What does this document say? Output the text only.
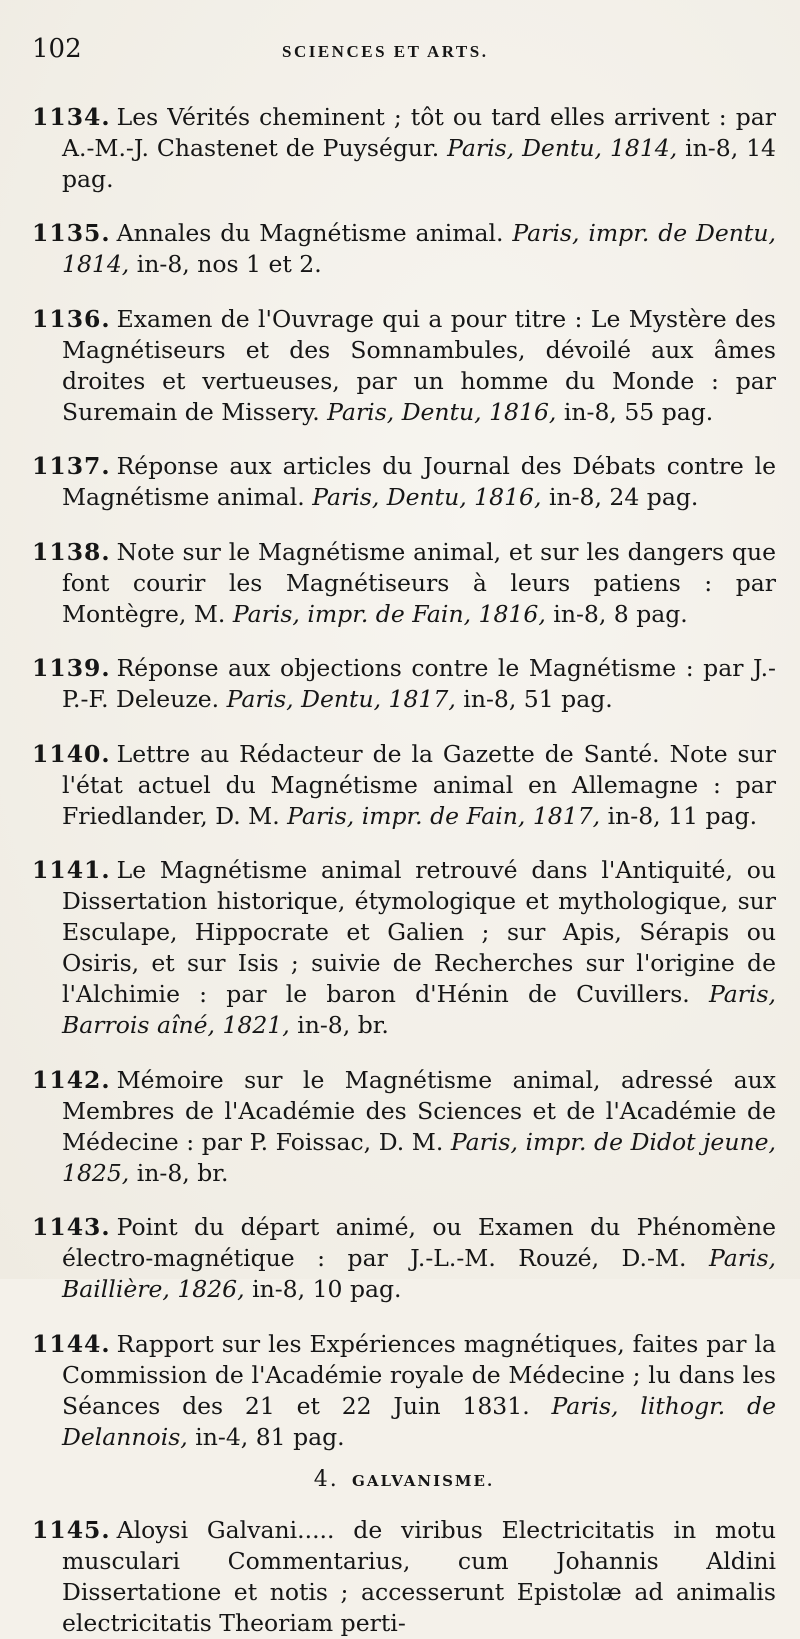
102	SCIENCES ET ARTS.

1134. Les Vérités cheminent ; tôt ou tard elles arrivent : par A.-M.-J. Chastenet de Puységur. Paris, Dentu, 1814, in-8, 14 pag.

1135. Annales du Magnétisme animal. Paris, impr. de Dentu, 1814, in-8, nos 1 et 2.

1136. Examen de l'Ouvrage qui a pour titre : Le Mystère des Magnétiseurs et des Somnambules, dévoilé aux âmes droites et vertueuses, par un homme du Monde : par Suremain de Missery. Paris, Dentu, 1816, in-8, 55 pag.

1137. Réponse aux articles du Journal des Débats contre le Magnétisme animal. Paris, Dentu, 1816, in-8, 24 pag.

1138. Note sur le Magnétisme animal, et sur les dangers que font courir les Magnétiseurs à leurs patiens : par Montègre, M. Paris, impr. de Fain, 1816, in-8, 8 pag.

1139. Réponse aux objections contre le Magnétisme : par J.-P.-F. Deleuze. Paris, Dentu, 1817, in-8, 51 pag.

1140. Lettre au Rédacteur de la Gazette de Santé. Note sur l'état actuel du Magnétisme animal en Allemagne : par Friedlander, D. M. Paris, impr. de Fain, 1817, in-8, 11 pag.

1141. Le Magnétisme animal retrouvé dans l'Antiquité, ou Dissertation historique, étymologique et mythologique, sur Esculape, Hippocrate et Galien ; sur Apis, Sérapis ou Osiris, et sur Isis ; suivie de Recherches sur l'origine de l'Alchimie : par le baron d'Hénin de Cuvillers. Paris, Barrois aîné, 1821, in-8, br.

1142. Mémoire sur le Magnétisme animal, adressé aux Membres de l'Académie des Sciences et de l'Académie de Médecine : par P. Foissac, D. M. Paris, impr. de Didot jeune, 1825, in-8, br.

1143. Point du départ animé, ou Examen du Phénomène électro-magnétique : par J.-L.-M. Rouzé, D.-M. Paris, Baillière, 1826, in-8, 10 pag.

1144. Rapport sur les Expériences magnétiques, faites par la Commission de l'Académie royale de Médecine ; lu dans les Séances des 21 et 22 Juin 1831. Paris, lithogr. de Delannois, in-4, 81 pag.

4. GALVANISME.

1145. Aloysi Galvani..... de viribus Electricitatis in motu musculari Commentarius, cum Johannis Aldini Dissertatione et notis ; accesserunt Epistolæ ad animalis electricitatis Theoriam perti-
